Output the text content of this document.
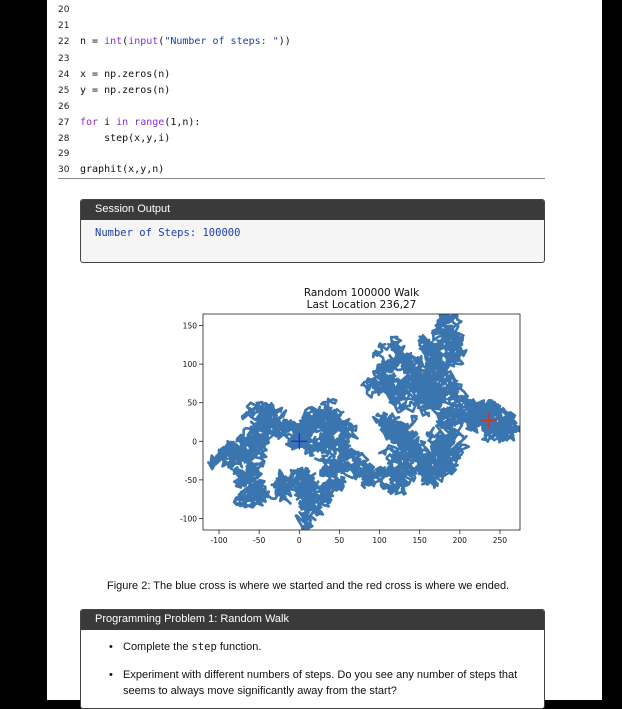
20
21
22 n = int(input("Number of steps: "))
23
24 x = np.zeros(n)
25 y = np.zeros(n)
26
27 for i in range(1,n):
28    step(x,y,i)
29
30 graphit(x,y,n)
Session Output
Number of Steps: 100000
Random 100000 Walk
Last Location 236,27
-100	-50	0	50	100	150	200	250
150
100
50
0
-50
-100
Figure 2: The blue cross is where we started and the red cross is where we ended.
Programming Problem 1: Random Walk
• Complete the step function.
• Experiment with different numbers of steps. Do you see any number of steps that
seems to always move significantly away from the start?
